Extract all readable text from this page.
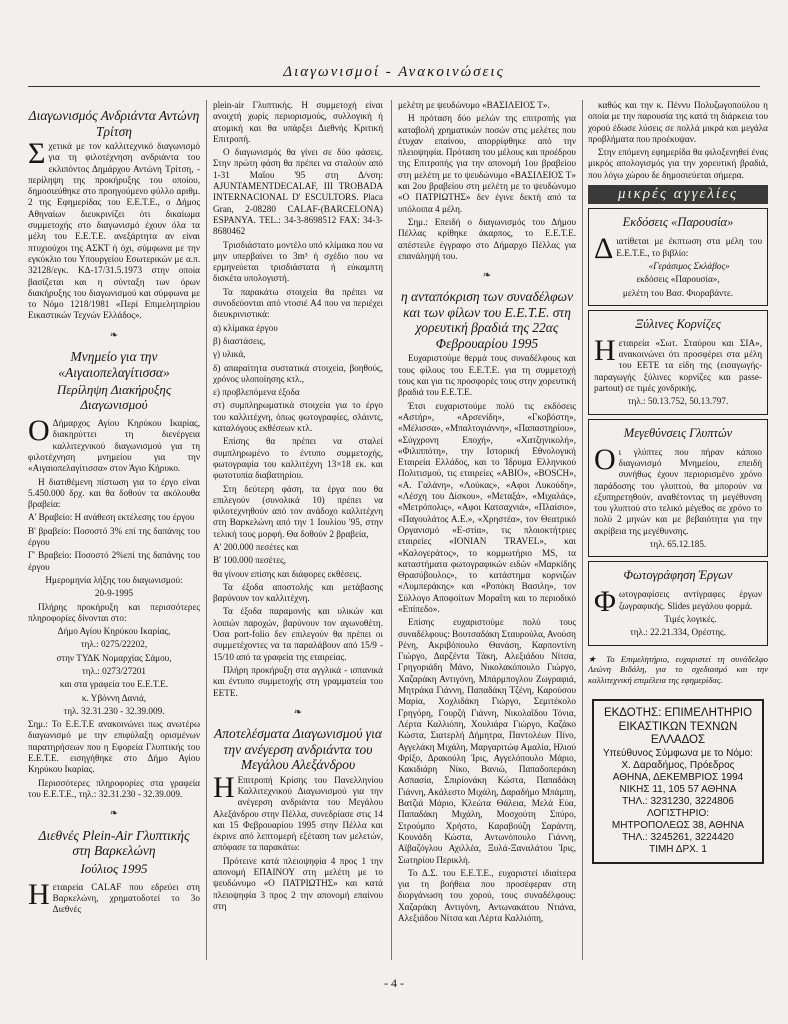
Διαγωνισμοί - Ανακοινώσεις
Διαγωνισμός Ανδριάντα Αντώνη Τρίτση

Σχετικά με τον καλλιτεχνικό διαγωνισμό για τη φιλοτέχνηση ανδριάντα του εκλιπόντος Δημάρχου Αντώνη Τρίτση, - περίληψη της προκήρυξης του οποίου, δημοσιεύθηκε στο προηγούμενο φύλλο αριθμ. 2 της Εφημερίδας του Ε.Ε.Τ.Ε., ο Δήμος Αθηναίων διευκρινίζει ότι δικαίωμα συμμετοχής στο διαγωνισμό έχουν όλα τα μέλη του Ε.Ε.Τ.Ε. ανεξάρτητα αν είναι πτυχιούχοι της ΑΣΚΤ ή όχι, σύμφωνα με την εγκύκλιο του Υπουργείου Εσωτερικών με α.π. 32128/εγκ. ΚΔ-17/31.5.1973 στην οποία βασίζεται και η σύνταξη των όρων διακήρυξης του διαγωνισμού και σύμφωνα με το Νόμο 1218/1981 «Περί Επιμελητηρίου Εικαστικών Τεχνών Ελλάδος».

❧
Μνημείο για την «Αιγαιοπελαγίτισσα»
Περίληψη Διακήρυξης Διαγωνισμού

Ο Δήμαρχος Αγίου Κηρύκου Ικαρίας, διακηρύττει τη διενέργεια καλλιτεχνικού διαγωνισμού για τη φιλοτέχνηση μνημείου για την «Αιγαιοπελαγίτισσα» στον Άγιο Κήρυκο.

Η διατιθέμενη πίστωση για το έργο είναι 5.450.000 δρχ. και θα δοθούν τα ακόλουθα βραβεία:

Α' Βραβείο: Η ανάθεση εκτέλεσης του έργου

Β' βραβείο: Ποσοστό 3% επί της δαπάνης του έργου

Γ' Βραβείο: Ποσοστό 2%επί της δαπάνης του έργου

Ημερομηνία λήξης του διαγωνισμού:

20-9-1995

Πλήρης προκήρυξη και περισσότερες πληροφορίες δίνονται στο:

Δήμο Αγίου Κηρύκου Ικαρίας,

τηλ.: 0275/22202,

στην ΤΥΔΚ Νομαρχίας Σάμου,

τηλ.: 0273/27201

και στα γραφεία του Ε.Ε.Τ.Ε.

κ. Υβόννη Δανιά,

τηλ. 32.31.230 - 32.39.009.

Σημ.: Το Ε.Ε.Τ.Ε ανακοινώνει πως ανωτέρω διαγωνισμό με την επιφύλαξη ορισμένων παρατηρήσεων που η Εφορεία Γλυπτικής του Ε.Ε.Τ.Ε. εισηγήθηκε στο Δήμο Αγίου Κηρύκου Ικαρίας.

Περισσότερες πληροφορίες στα γραφεία του Ε.Ε.Τ.Ε., τηλ.: 32.31.230 - 32.39.009.

❧
Διεθνές Plein-Air Γλυπτικής στη Βαρκελώνη
Ιούλιος 1995

Ηεταιρεία CALAF που εδρεύει στη Βαρκελώνη, χρηματοδοτεί το 3ο Διεθνές

plein-air Γλυπτικής. Η συμμετοχή είναι ανοιχτή χωρίς περιορισμούς, συλλογική ή ατομική και θα υπάρξει Διεθνής Κριτική Επιτροπή.

Ο διαγωνισμός θα γίνει σε δύο φάσεις. Στην πρώτη φάση θα πρέπει να σταλούν από 1-31 Μαΐου '95 στη Δ/νση: AJUNTAMENTDECALAF, III TROBADA INTERNACIONAL D' ESCULTORS. Placa Gran, 2-08280 CALAF-(BARCELONA) ESPANYA. ΤΕL.: 34-3-8698512 FAX: 34-3-8680462

Τρισδιάστατο μοντέλο υπό κλίμακα που να μην υπερβαίνει το 3m³ ή σχέδιο που να ερμηνεύεται τρισδιάστατα ή εύκαμπτη δισκέτα υπολογιστή.

Τα παρακάτω στοιχεία θα πρέπει να συνοδεύονται από ντοσιέ Α4 που να περιέχει διευκρινιστικά:

α) κλίμακα έργου

β) διαστάσεις,

γ) υλικά,

δ) απαραίτητα συστατικά στοιχεία, βοηθούς, χρόνος υλοποίησης κτλ.,

ε) προβλεπόμενα έξοδα

στ) συμπληρωματικά στοιχεία για το έργο του καλλιτέχνη, όπως φωτογραφίες, σλάιντς, καταλόγους εκθέσεων κτλ.

Επίσης θα πρέπει να σταλεί συμπληρωμένο το έντυπο συμμετοχής, φωτογραφία του καλλιτέχνη 13×18 εκ. και φωτοτυπία διαβατηρίου.

Στη δεύτερη φάση, τα έργα που θα επιλεγούν (συνολικά 10) πρέπει να φιλοτεχνηθούν από τον ανάδοχο καλλιτέχνη στη Βαρκελώνη από την 1 Ιουλίου '95, στην τελική τους μορφή. Θα δοθούν 2 βραβεία,

Α' 200.000 πεσέτες και

Β' 100.000 πεσέτες,

θα γίνουν επίσης και διάφορες εκθέσεις.

Τα έξοδα αποστολής και μετάβασης βαρύνουν τον καλλιτέχνη.

Τα έξοδα παραμονής και υλικών και λοιπών παροχών, βαρύνουν τον αγωνοθέτη. Όσα port-folio δεν επιλεγούν θα πρέπει οι συμμετέχοντες να τα παραλάβουν από 15/9 - 15/10 από τα γραφεία της εταιρείας.

Πλήρη προκήρυξη στα αγγλικά - ισπανικά και έντυπο συμμετοχής στη γραμματεία του ΕΕΤΕ.

❧
Αποτελέσματα Διαγωνισμού για την ανέγερση ανδριάντα του Μεγάλου Αλεξάνδρου

Η Επιτροπή Κρίσης του Πανελληνίου Καλλιτεχνικού Διαγωνισμού για την ανέγερση ανδριάντα του Μεγάλου Αλεξάνδρου στην Πέλλα, συνεδρίασε στις 14 και 15 Φεβρουαρίου 1995 στην Πέλλα και έκρινε από λεπτομερή εξέταση των μελετών, απόφασε τα παρακάτω:

Πρότεινε κατά πλειοψηφία 4 προς 1 την απονομή ΕΠΑΙΝΟΥ στη μελέτη με το ψευδώνυμο «Ο ΠΑΤΡΙΩΤΗΣ» και κατά πλειοψηφία 3 προς 2 την απονομή επαίνου στη

μελέτη με ψευδώνυμο «ΒΑΣΙΛΕΙΟΣ Τ».

Η πρόταση δύο μελών της επιτροπής για καταβολή χρηματικών ποσών στις μελέτες που έτυχαν επαίνου, απορρίφθηκε από την πλειοψηφία. Πρόταση του μέλους και προέδρου της Επιτροπής για την απονομή 1ου βραβείου στη μελέτη με το ψευδώνυμο «ΒΑΣΙΛΕΙΟΣ Τ» και 2ου βραβείου στη μελέτη με το ψευδώνυμο «Ο ΠΑΤΡΙΩΤΗΣ» δεν έγινε δεκτή από τα υπόλοιπα 4 μέλη.

Σημ.: Επειδή ο διαγωνισμός του Δήμου Πέλλας κρίθηκε άκαρπος, το Ε.Ε.Τ.Ε. απέστειλε έγγραφο στο Δήμαρχο Πέλλας για επανάληψή του.

❧
η ανταπόκριση των συναδέλφων και των φίλων του Ε.Ε.Τ.Ε. στη χορευτική βραδιά της 22ας Φεβρουαρίου 1995

Ευχαριστούμε θερμά τους συναδέλφους και τους φίλους του Ε.Ε.Τ.Ε. για τη συμμετοχή τους και για τις προσφορές τους στην χορευτική βραδιά του Ε.Ε.Τ.Ε.

Έτσι ευχαριστούμε πολύ τις εκδόσεις «Αστήρ», «Αρσενίδη», «Γκοβόστη», «Μέλισσα», «Μπαλτογιάννη», «Παπαστηρίου», «Σύγχρονη Εποχή», «Χατζηνικολή», «Φιλιππότη», την Ιστορική Εθνολογική Εταιρεία Ελλάδος, και το Ίδρυμα Ελληνικού Πολιτισμού, τις εταιρείες «ΑΒΙΟ», «ΒΟSCH», «Α. Γαλάνη», «Λούκας», «Αφοι Λυκούδη», «Λέσχη του Δίσκου», «Μεταξά», «Μιχαλάς», «Μετρόπολις», «Αφοι Κατσαχνιά», «Πλαίσιο», «Παγουλάτος Α.Ε.», «Χρηστέα», τον Θεατρικό Οργανισμό «Ε-στία», τις πλοιοκτήτριες εταιρείες «ΙΟΝΙΑΝ TRAVEL», και «Καλογεράτος», το κομμωτήριο MS, τα καταστήματα φωτογραφικών ειδών «Μαρκίδης Θρασύβουλος», το κατάστημα κορνιζών «Λυμπεράκης» και «Ροπόκη Βασιλη», τον Σύλλογο Αποφοίτων Μοραΐτη και το περιοδικό «Επίπεδο».

Επίσης ευχαριστούμε πολύ τους συναδέλφους: Βουτσαδάκη Σταυρούλα, Ανούση Ρένη, Ακριβόπουλο Θανάση, Καρποντίνη Γιώργο, Δαρζέντα Τάκη, Αλεξιάδου Νίτσα, Γρηγοριάδη Μάνο, Νικολακόπουλο Γιώργο, Χαζαράκη Αντιγόνη, Μπάρμπογλου Ζωγραφιά, Μητράκα Γιάννη, Παπαδάκη Τζένη, Καρούσου Μαρία, Χοχλιδάκη Γιώργο, Σεμιτέκολο Γρηγόρη, Γουρζή Γιάννη, Νικολαΐδου Τόνια, Λέρτα Καλλιόπη, Χουλιάρα Γιώργο, Καζάκο Κώστα, Σιατερλή Δήμητρα, Παντολέων Πίνο, Αγγελάκη Μιχάλη, Μαργαριτώφ Αμαλία, Ηλιού Φρίξο, Δρακούλη Ίρις, Αγγελόπουλο Μάριο, Κακιδιάρη Νίκο, Βανιώ, Παπαδοπεράκη Ασπασία, Σπιρίονάκη Κώστα, Παπαδάκη Γιάννη, Ακάλεστο Μιχάλη, Δαραδήμο Μπάμπη, Βατζιά Μάριο, Κλεώτα Θάλεια, Μελά Εύα, Παπαδάκη Μιχάλη, Μοσχούτη Σπύρο, Στρούμπο Χρήστο, Καραβούζη Σαράντη, Κουνάδη Κώστα, Αντωνόπουλο Γιάννη, Αϊβαζόγλου Αχιλλέα, Ξυλά-Ξαναλάτου Ίρις, Σωτηρίου Περικλή.

Το Δ.Σ. του Ε.Ε.Τ.Ε., ευχαριστεί ιδιαίτερα για τη βοήθεια που προσέφεραν στη διοργάνωση του χορού, τους συναδέλφους: Χαζαράκη Αντιγόνη, Αντωνακάτου Ντιάνα, Αλεξιάδου Νίτσα και Λέρτα Καλλιόπη,

καθώς και την κ. Πέννυ Πολυζωγοπούλου η οποία με την παρουσία της κατά τη διάρκεια του χορού έδωσε λύσεις σε πολλά μικρά και μεγάλα προβλήματα που προέκυψαν.

Στην επόμενη εφημερίδα θα φιλοξενηθεί ένας μικρός απολογισμός για την χορευτική βραδιά, που λόγω χώρου δε δημοσιεύεται σήμερα.

μικρές αγγελίες
Εκδόσεις «Παρουσία»

Διατίθεται με έκπτωση στα μέλη του Ε.Ε.Τ.Ε., το βιβλίο:

«Γεράσιμος Σκλάβος»

εκδόσεις «Παρουσία»,

μελέτη του Βασ. Φιοραβάντε.

Ξύλινες Κορνίζες

Ηεταιρεία «Σωτ. Σταύρου και ΣΙΑ», ανακοινώνει ότι προσφέρει στα μέλη του ΕΕΤΕ τα είδη της (εισαγωγής-παραγωγής ξύλινες κορνίζες και passe-partout) σε τιμές χονδρικής.

τηλ.: 50.13.752, 50.13.797.

Μεγεθύνσεις Γλυπτών

Οι γλύπτες που πήραν κάποιο διαγωνισμό Μνημείου, επειδή συνήθως έχουν περιορισμένο χρόνο παράδοσης του γλυπτού, θα μπορούν να εξυπηρετηθούν, αναθέτοντας τη μεγέθυνση του γλυπτού στο τελικό μέγεθος σε χρόνο το πολύ 2 μηνών και με βεβαιότητα για την ακρίβεια της μεγέθυνσης.

τηλ. 65.12.185.

Φωτογράφηση Έργων

Φωτογραφίσεις αντίγραφες έργων ζωγραφικής. Slides μεγάλου φορμά.

Τιμές λογικές.

τηλ.: 22.21.334, Ορέστης.

★ Το Επιμελητήριο, ευχαριστεί τη συνάδελφο Λεώνη Βιδάλη, για το σχεδιασμό και την καλλιτεχνική επιμέλεια της εφημερίδας.
ΕΚΔΟΤΗΣ: ΕΠΙΜΕΛΗΤΗΡΙΟ
ΕΙΚΑΣΤΙΚΩΝ ΤΕΧΝΩΝ
ΕΛΛΑΔΟΣ
Υπεύθυνος Σύμφωνα με το Νόμο:
Χ. Δαραδήμος, Πρόεδρος
ΑΘΗΝΑ, ΔΕΚΕΜΒΡΙΟΣ 1994
ΝΙΚΗΣ 11, 105 57 ΑΘΗΝΑ
ΤΗΛ.: 3231230, 3224806
ΛΟΓΙΣΤΗΡΙΟ:
ΜΗΤΡΟΠΟΛΕΩΣ 38, ΑΘΗΝΑ
ΤΗΛ.: 3245261, 3224420
ΤΙΜΗ ΔΡΧ. 1
- 4 -
